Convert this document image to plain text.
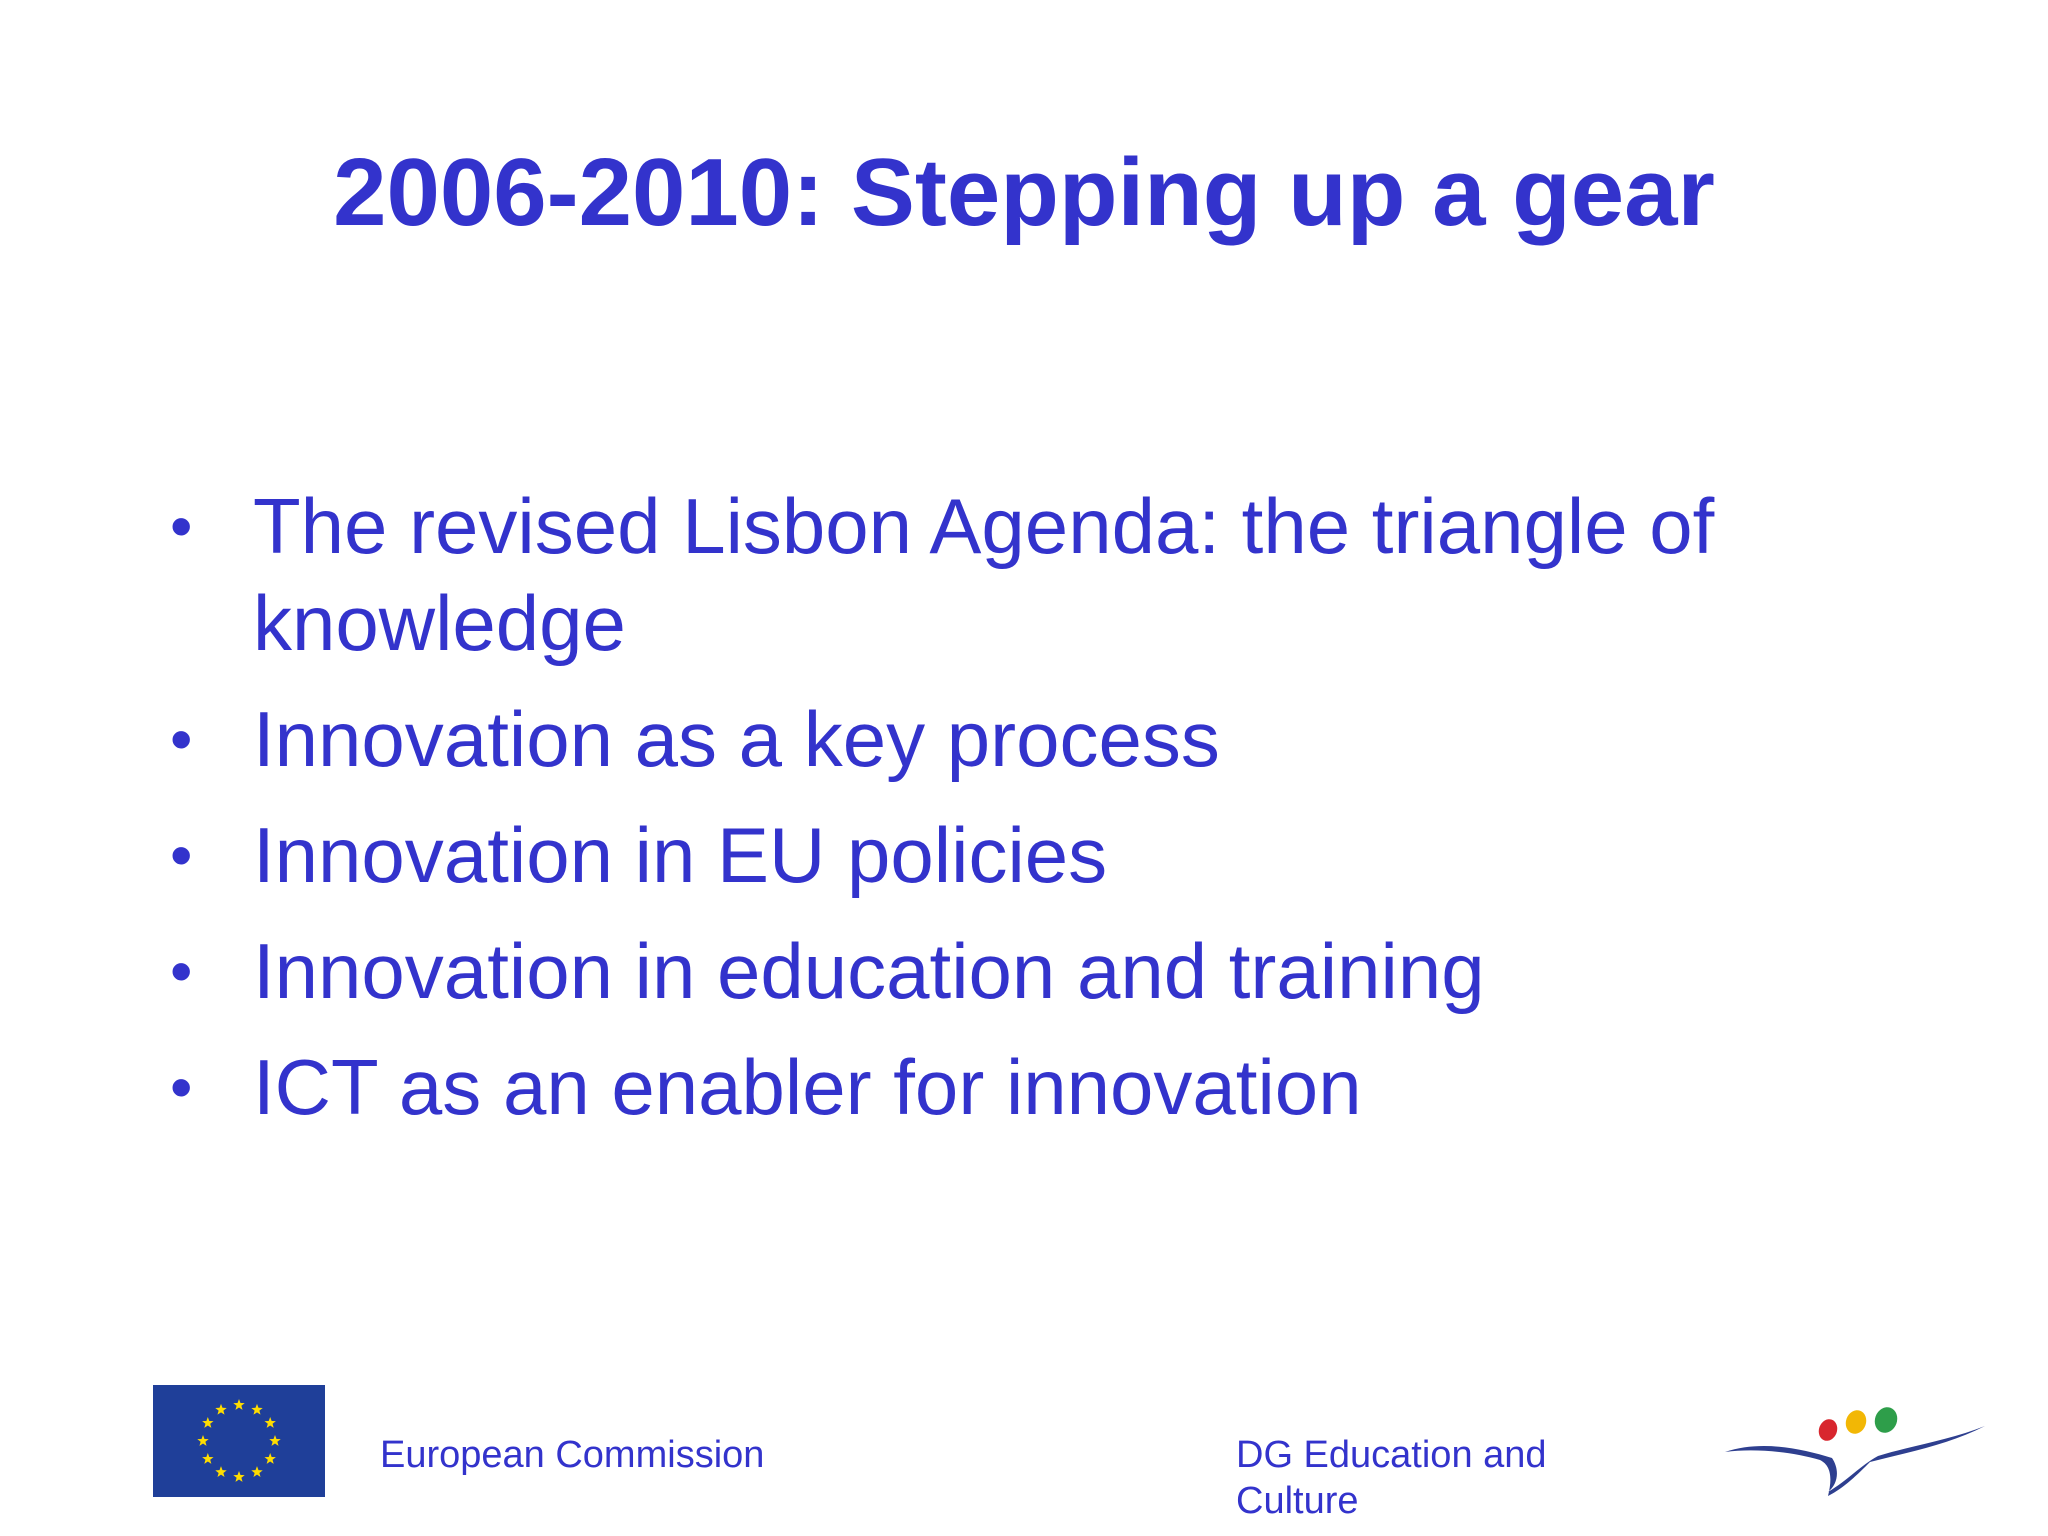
2006-2010: Stepping up a gear
• The revised Lisbon Agenda: the triangle of knowledge
• Innovation as a key process
• Innovation in EU policies
• Innovation in education and training
• ICT as an enabler for innovation
European Commission	DG Education and Culture
